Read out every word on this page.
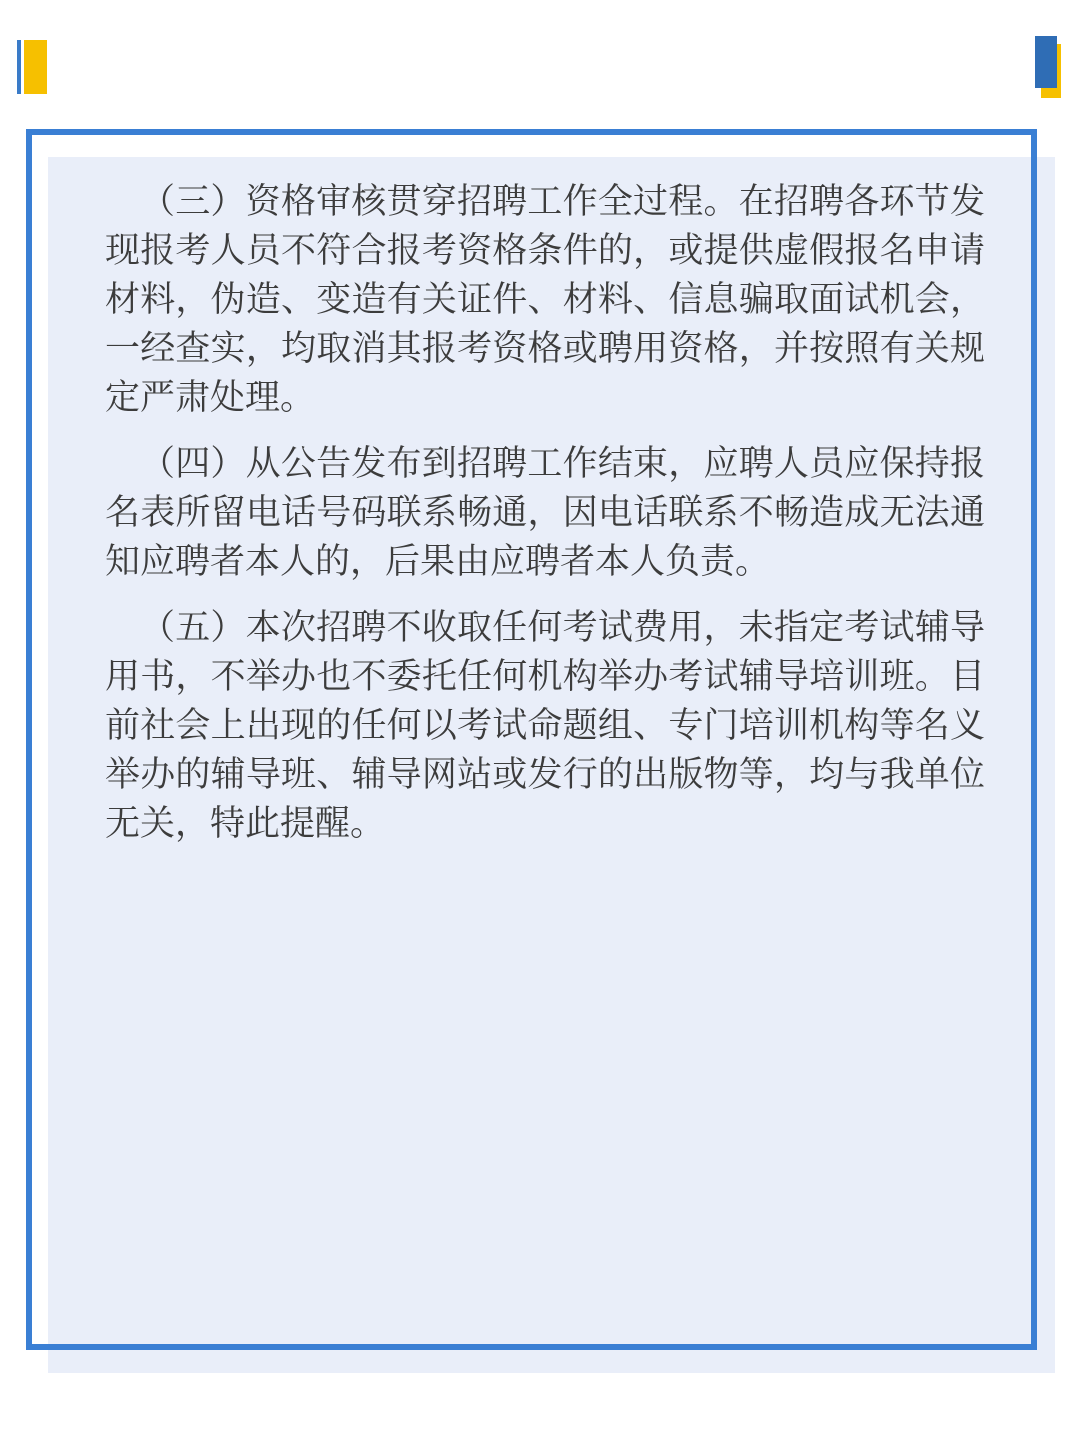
（三）资格审核贯穿招聘工作全过程。在招聘各环节发现报考人员不符合报考资格条件的，或提供虚假报名申请材料，伪造、变造有关证件、材料、信息骗取面试机会，一经查实，均取消其报考资格或聘用资格，并按照有关规定严肃处理。

（四）从公告发布到招聘工作结束，应聘人员应保持报名表所留电话号码联系畅通，因电话联系不畅造成无法通知应聘者本人的，后果由应聘者本人负责。

（五）本次招聘不收取任何考试费用，未指定考试辅导用书，不举办也不委托任何机构举办考试辅导培训班。目前社会上出现的任何以考试命题组、专门培训机构等名义举办的辅导班、辅导网站或发行的出版物等，均与我单位无关，特此提醒。
